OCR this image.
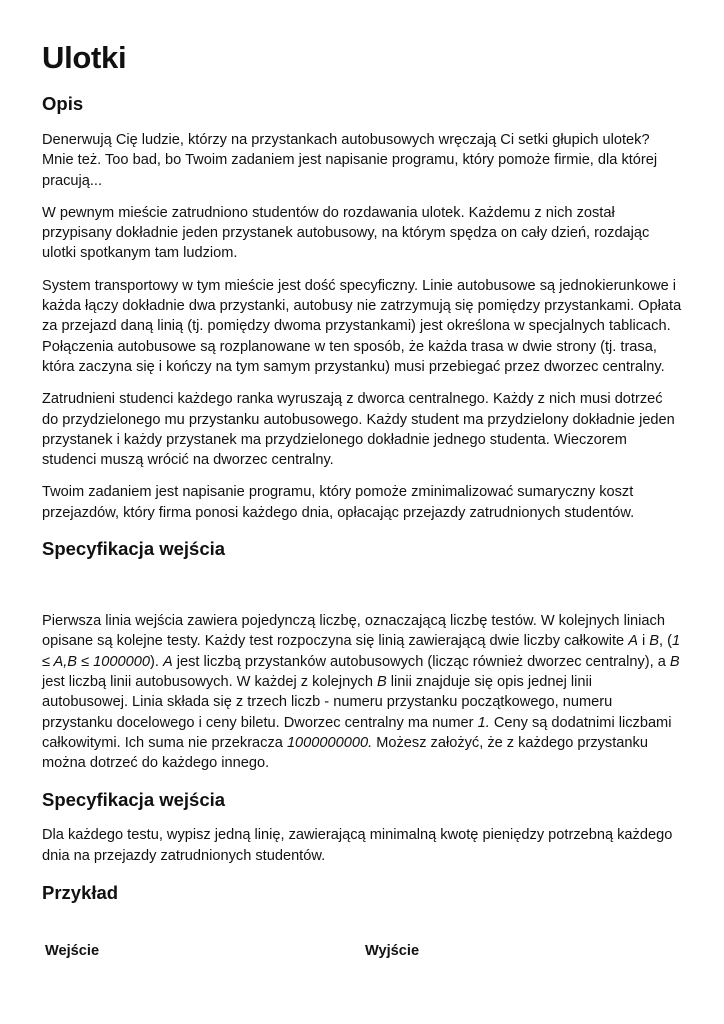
Ulotki
Opis

Denerwują Cię ludzie, którzy na przystankach autobusowych wręczają Ci setki głupich ulotek? Mnie też. Too bad, bo Twoim zadaniem jest napisanie programu, który pomoże firmie, dla której pracują...

W pewnym mieście zatrudniono studentów do rozdawania ulotek. Każdemu z nich został przypisany dokładnie jeden przystanek autobusowy, na którym spędza on cały dzień, rozdając ulotki spotkanym tam ludziom.

System transportowy w tym mieście jest dość specyficzny. Linie autobusowe są jednokierunkowe i każda łączy dokładnie dwa przystanki, autobusy nie zatrzymują się pomiędzy przystankami. Opłata za przejazd daną linią (tj. pomiędzy dwoma przystankami) jest określona w specjalnych tablicach. Połączenia autobusowe są rozplanowane w ten sposób, że każda trasa w dwie strony (tj. trasa, która zaczyna się i kończy na tym samym przystanku) musi przebiegać przez dworzec centralny.

Zatrudnieni studenci każdego ranka wyruszają z dworca centralnego. Każdy z nich musi dotrzeć do przydzielonego mu przystanku autobusowego. Każdy student ma przydzielony dokładnie jeden przystanek i każdy przystanek ma przydzielonego dokładnie jednego studenta. Wieczorem studenci muszą wrócić na dworzec centralny.

Twoim zadaniem jest napisanie programu, który pomoże zminimalizować sumaryczny koszt przejazdów, który firma ponosi każdego dnia, opłacając przejazdy zatrudnionych studentów.

Specyfikacja wejścia

Pierwsza linia wejścia zawiera pojedynczą liczbę, oznaczającą liczbę testów. W kolejnych liniach opisane są kolejne testy. Każdy test rozpoczyna się linią zawierającą dwie liczby całkowite A i B, (1 ≤ A,B ≤ 1000000). A jest liczbą przystanków autobusowych (licząc również dworzec centralny), a B jest liczbą linii autobusowych. W każdej z kolejnych B linii znajduje się opis jednej linii autobusowej. Linia składa się z trzech liczb - numeru przystanku początkowego, numeru przystanku docelowego i ceny biletu. Dworzec centralny ma numer 1. Ceny są dodatnimi liczbami całkowitymi. Ich suma nie przekracza 1000000000. Możesz założyć, że z każdego przystanku można dotrzeć do każdego innego.

Specyfikacja wejścia

Dla każdego testu, wypisz jedną linię, zawierającą minimalną kwotę pieniędzy potrzebną każdego dnia na przejazdy zatrudnionych studentów.

Przykład
Wejście	Wyjście
